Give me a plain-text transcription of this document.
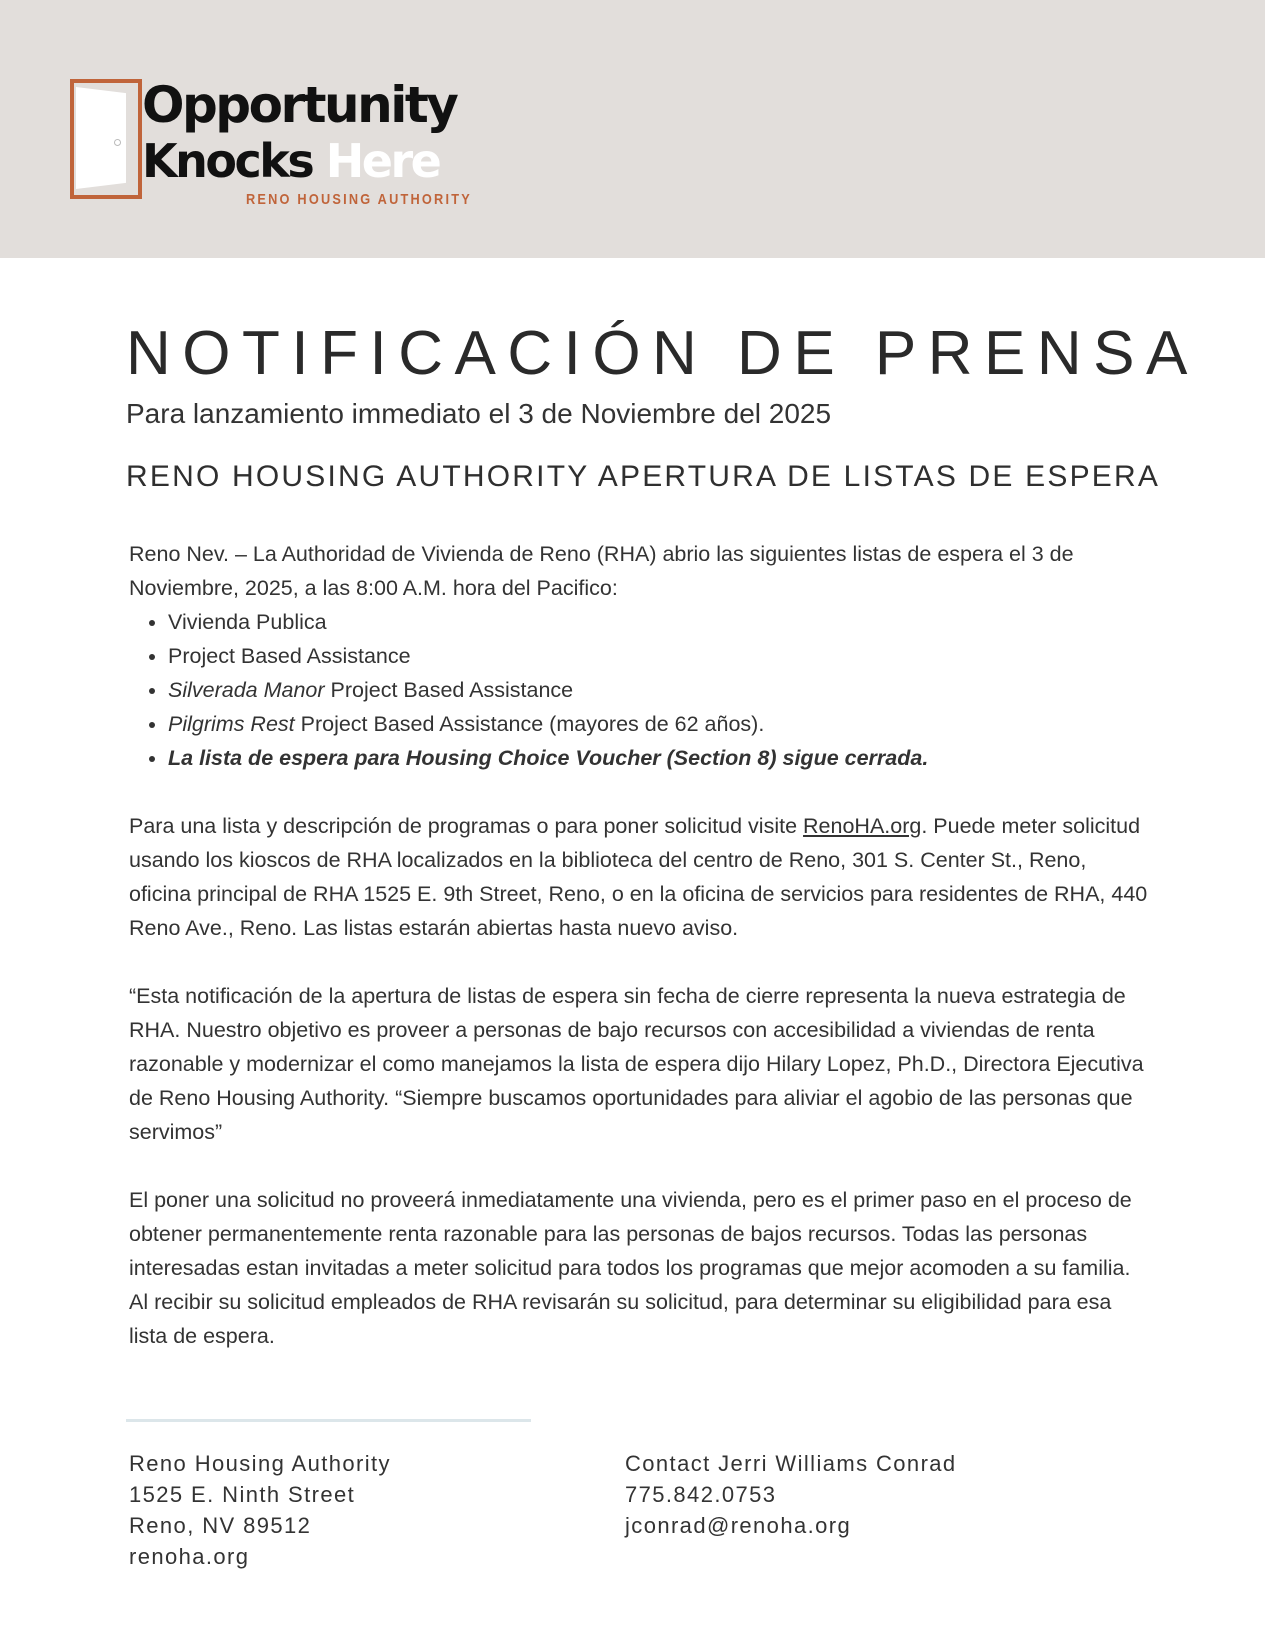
Opportunity
Knocks Here
RENO HOUSING AUTHORITY
NOTIFICACIÓN DE PRENSA
Para lanzamiento immediato el 3 de Noviembre del 2025
RENO HOUSING AUTHORITY APERTURA DE LISTAS DE ESPERA

Reno Nev. – La Authoridad de Vivienda de Reno (RHA) abrio las siguientes listas de espera el 3 de Noviembre, 2025, a las 8:00 A.M. hora del Pacifico:

• Vivienda Publica
• Project Based Assistance
• Silverada Manor Project Based Assistance
• Pilgrims Rest Project Based Assistance (mayores de 62 años).
• La lista de espera para Housing Choice Voucher (Section 8) sigue cerrada.

Para una lista y descripción de programas o para poner solicitud visite RenoHA.org. Puede meter solicitud usando los kioscos de RHA localizados en la biblioteca del centro de Reno, 301 S. Center St., Reno, oficina principal de RHA 1525 E. 9th Street, Reno, o en la oficina de servicios para residentes de RHA, 440 Reno Ave., Reno. Las listas estarán abiertas hasta nuevo aviso.

“Esta notificación de la apertura de listas de espera sin fecha de cierre representa la nueva estrategia de RHA. Nuestro objetivo es proveer a personas de bajo recursos con accesibilidad a viviendas de renta razonable y modernizar el como manejamos la lista de espera dijo Hilary Lopez, Ph.D., Directora Ejecutiva de Reno Housing Authority. “Siempre buscamos oportunidades para aliviar el agobio de las personas que servimos”

El poner una solicitud no proveerá inmediatamente una vivienda, pero es el primer paso en el proceso de obtener permanentemente renta razonable para las personas de bajos recursos. Todas las personas interesadas estan invitadas a meter solicitud para todos los programas que mejor acomoden a su familia. Al recibir su solicitud empleados de RHA revisarán su solicitud, para determinar su eligibilidad para esa lista de espera.

Reno Housing Authority
1525 E. Ninth Street
Reno, NV 89512
renoha.org
Contact Jerri Williams Conrad
775.842.0753
jconrad@renoha.org
